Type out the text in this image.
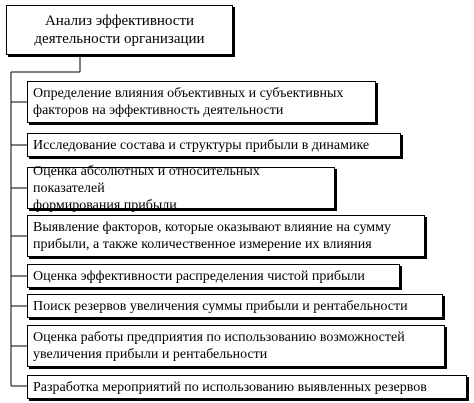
Анализ эффективности деятельности организации
Определение влияния объективных и субъективных
факторов на эффективность деятельности
Исследование состава и структуры прибыли в динамике
Оценка абсолютных и относительных показателей
формирования прибыли
Выявление факторов, которые оказывают влияние на сумму
прибыли, а также количественное измерение их влияния
Оценка эффективности распределения чистой прибыли
Поиск резервов увеличения суммы прибыли и рентабельности
Оценка работы предприятия по использованию возможностей
увеличения прибыли и рентабельности
Разработка мероприятий по использованию выявленных резервов
